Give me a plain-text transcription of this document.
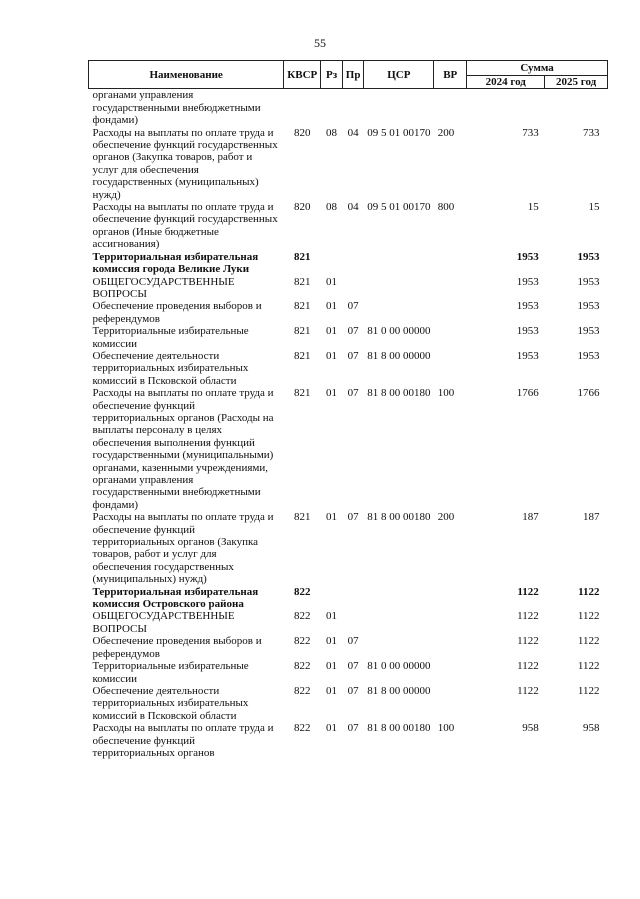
55
Наименование	КВСР	Рз	Пр	ЦСР	ВР	Сумма	
						2024 год	2025 год
органами управления государственными внебюджетными фондами)							
Расходы на выплаты по оплате труда и обеспечение функций государственных органов (Закупка товаров, работ и услуг для обеспечения государственных (муниципальных) нужд)	820	08	04	09 5 01 00170	200	733	733
Расходы на выплаты по оплате труда и обеспечение функций государственных органов (Иные бюджетные ассигнования)	820	08	04	09 5 01 00170	800	15	15
Территориальная избирательная комиссия города Великие Луки	821					1953	1953
ОБЩЕГОСУДАРСТВЕННЫЕ ВОПРОСЫ	821	01				1953	1953
Обеспечение проведения выборов и референдумов	821	01	07			1953	1953
Территориальные избирательные комиссии	821	01	07	81 0 00 00000		1953	1953
Обеспечение деятельности территориальных избирательных комиссий в Псковской области	821	01	07	81 8 00 00000		1953	1953
Расходы на выплаты по оплате труда и обеспечение функций территориальных органов (Расходы на выплаты персоналу в целях обеспечения выполнения функций государственными (муниципальными) органами, казенными учреждениями, органами управления государственными внебюджетными фондами)	821	01	07	81 8 00 00180	100	1766	1766
Расходы на выплаты по оплате труда и обеспечение функций территориальных органов (Закупка товаров, работ и услуг для обеспечения государственных (муниципальных) нужд)	821	01	07	81 8 00 00180	200	187	187
Территориальная избирательная комиссия Островского района	822					1122	1122
ОБЩЕГОСУДАРСТВЕННЫЕ ВОПРОСЫ	822	01				1122	1122
Обеспечение проведения выборов и референдумов	822	01	07			1122	1122
Территориальные избирательные комиссии	822	01	07	81 0 00 00000		1122	1122
Обеспечение деятельности территориальных избирательных комиссий в Псковской области	822	01	07	81 8 00 00000		1122	1122
Расходы на выплаты по оплате труда и обеспечение функций территориальных органов	822	01	07	81 8 00 00180	100	958	958
